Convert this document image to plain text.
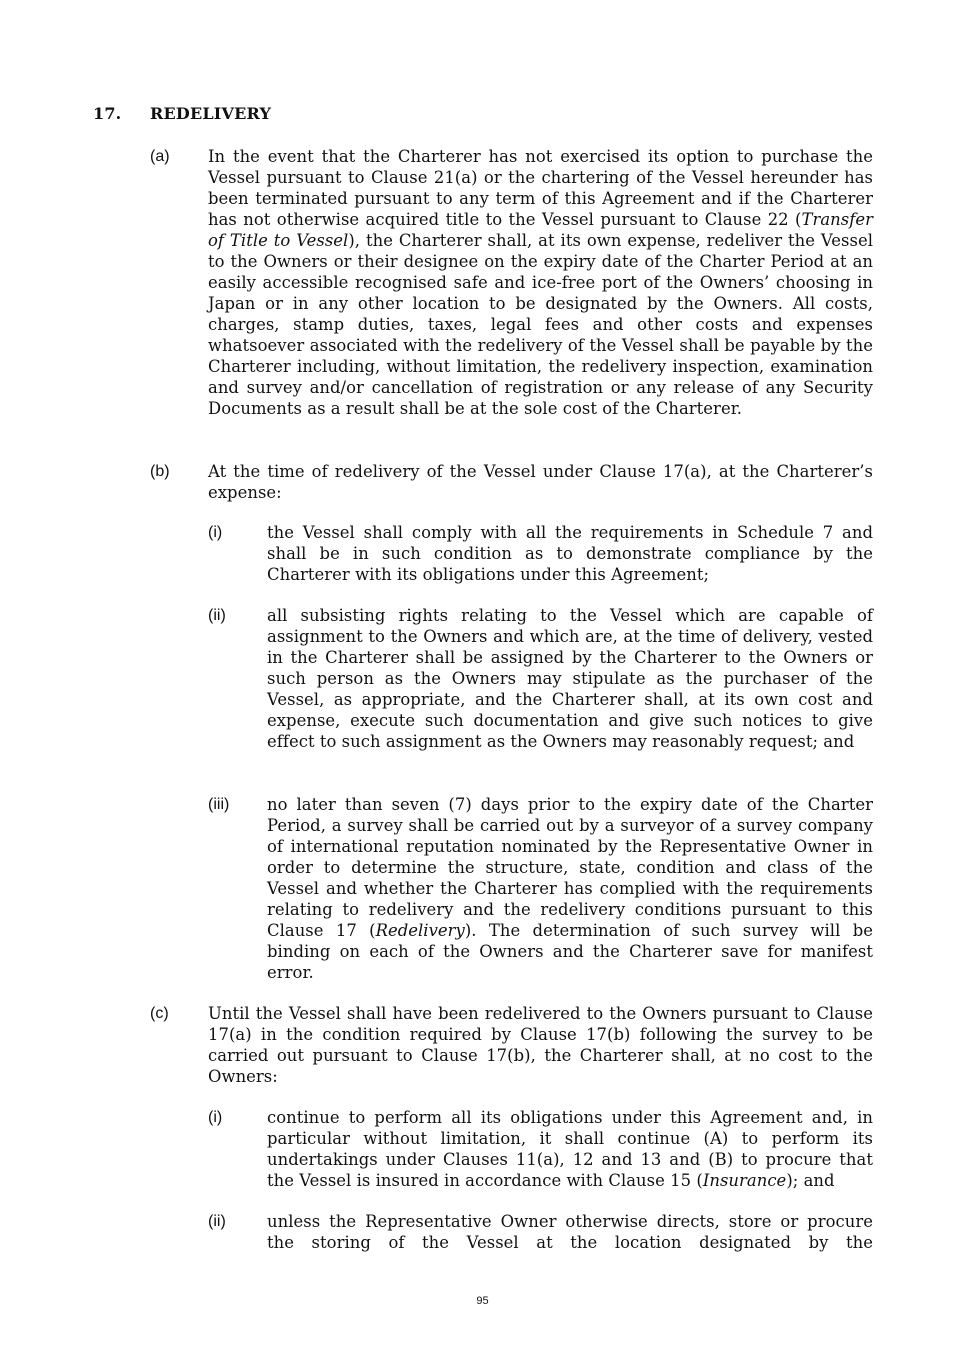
17. REDELIVERY
(a) In the event that the Charterer has not exercised its option to purchase the Vessel pursuant to Clause 21(a) or the chartering of the Vessel hereunder has been terminated pursuant to any term of this Agreement and if the Charterer has not otherwise acquired title to the Vessel pursuant to Clause 22 (Transfer of Title to Vessel), the Charterer shall, at its own expense, redeliver the Vessel to the Owners or their designee on the expiry date of the Charter Period at an easily accessible recognised safe and ice-free port of the Owners’ choosing in Japan or in any other location to be designated by the Owners. All costs, charges, stamp duties, taxes, legal fees and other costs and expenses whatsoever associated with the redelivery of the Vessel shall be payable by the Charterer including, without limitation, the redelivery inspection, examination and survey and/or cancellation of registration or any release of any Security Documents as a result shall be at the sole cost of the Charterer.
(b) At the time of redelivery of the Vessel under Clause 17(a), at the Charterer’s expense:
(i)	the Vessel shall comply with all the requirements in Schedule 7 and shall be in such condition as to demonstrate compliance by the Charterer with its obligations under this Agreement;
(ii)	all subsisting rights relating to the Vessel which are capable of assignment to the Owners and which are, at the time of delivery, vested in the Charterer shall be assigned by the Charterer to the Owners or such person as the Owners may stipulate as the purchaser of the Vessel, as appropriate, and the Charterer shall, at its own cost and expense, execute such documentation and give such notices to give effect to such assignment as the Owners may reasonably request; and
(iii) no later than seven (7) days prior to the expiry date of the Charter Period, a survey shall be carried out by a surveyor of a survey company of international reputation nominated by the Representative Owner in order to determine the structure, state, condition and class of the Vessel and whether the Charterer has complied with the requirements relating to redelivery and the redelivery conditions pursuant to this Clause 17 (Redelivery). The determination of such survey will be binding on each of the Owners and the Charterer save for manifest error.
(c) Until the Vessel shall have been redelivered to the Owners pursuant to Clause 17(a) in the condition required by Clause 17(b) following the survey to be carried out pursuant to Clause 17(b), the Charterer shall, at no cost to the Owners:
(i)	continue to perform all its obligations under this Agreement and, in particular without limitation, it shall continue (A) to perform its undertakings under Clauses 11(a), 12 and 13 and (B) to procure that the Vessel is insured in accordance with Clause 15 (Insurance); and
(ii)	unless the Representative Owner otherwise directs, store or procure the storing of the Vessel at the location designated by the
95
